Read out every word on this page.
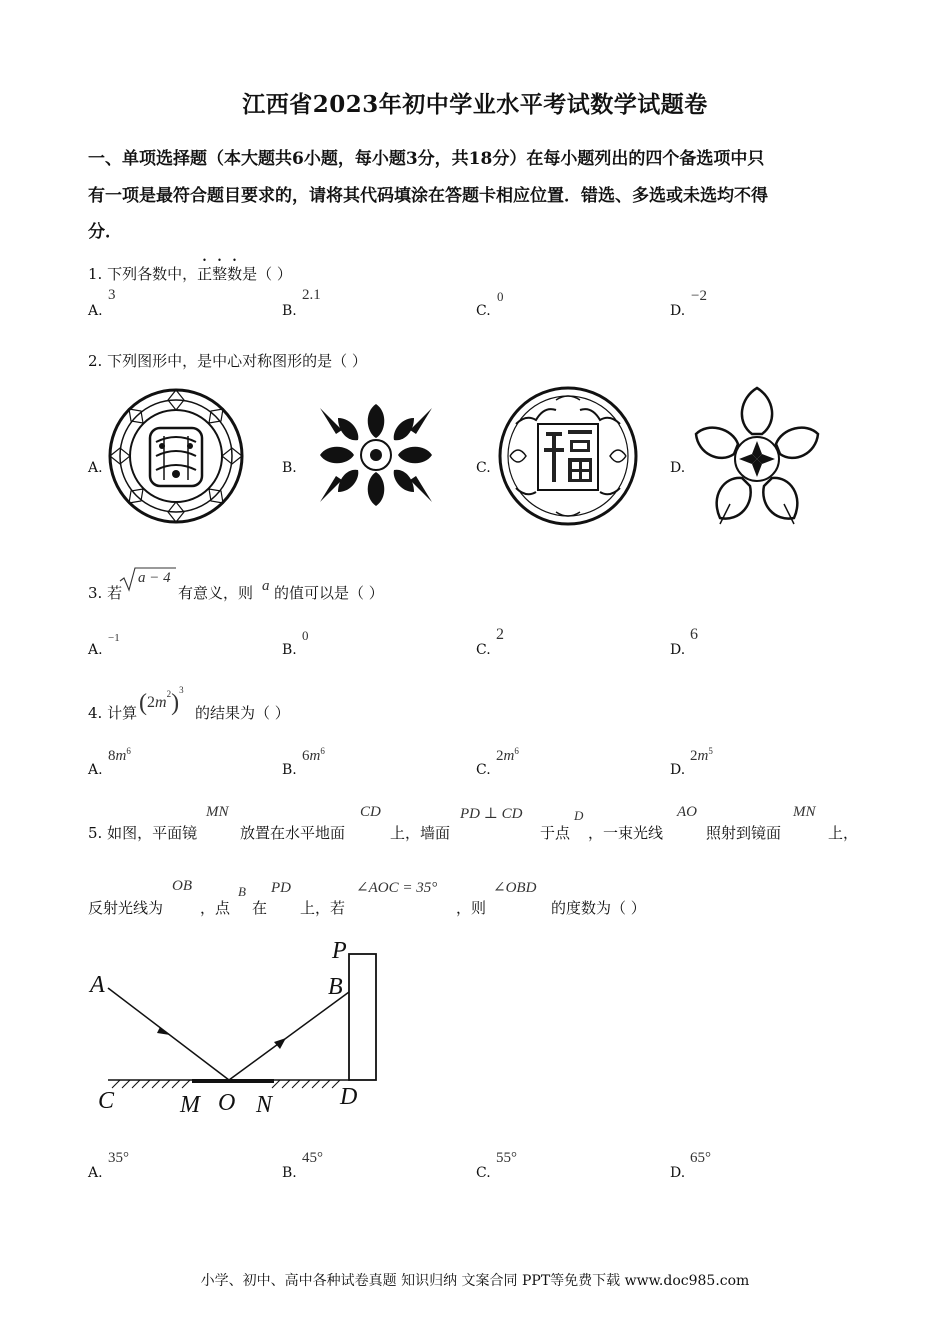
江西省2023年初中学业水平考试数学试题卷
一、单项选择题（本大题共6小题，每小题3分，共18分）在每小题列出的四个备选项中只
有一项是最符合题目要求的，请将其代码填涂在答题卡相应位置．错选、多选或未选均不得
分．
1. 下列各数中，正整数是（ ）
A.
3
B.
2.1
C.
0
D.
−2
2. 下列图形中，是中心对称图形的是（ ）
A.	B.	C.	D.
3. 若
a − 4
有意义，则 a 的值可以是（ ）
A.
−1
B.
0
C.
2
D.
6
4. 计算 $(2m^2)^3$
的结果为（ ）
A.
$8m^6$
B.
$6m^6$
C.
$2m^6$
D.
$2m^5$
5. 如图，平面镜
MN
放置在水平地面
CD
上，墙面
PD ⊥ CD
于点
D
，一束光线
AO
照射到镜面
MN
上，
反射光线为
OB
，点
B
在
PD
上，若
∠AOC = 35°
，则
∠OBD
的度数为（ ）
A	B
P
C	D
M O N
A.
35°
B.
45°
C.
55°
D.
65°
小学、初中、高中各种试卷真题 知识归纳 文案合同 PPT等免费下载 www.doc985.com
